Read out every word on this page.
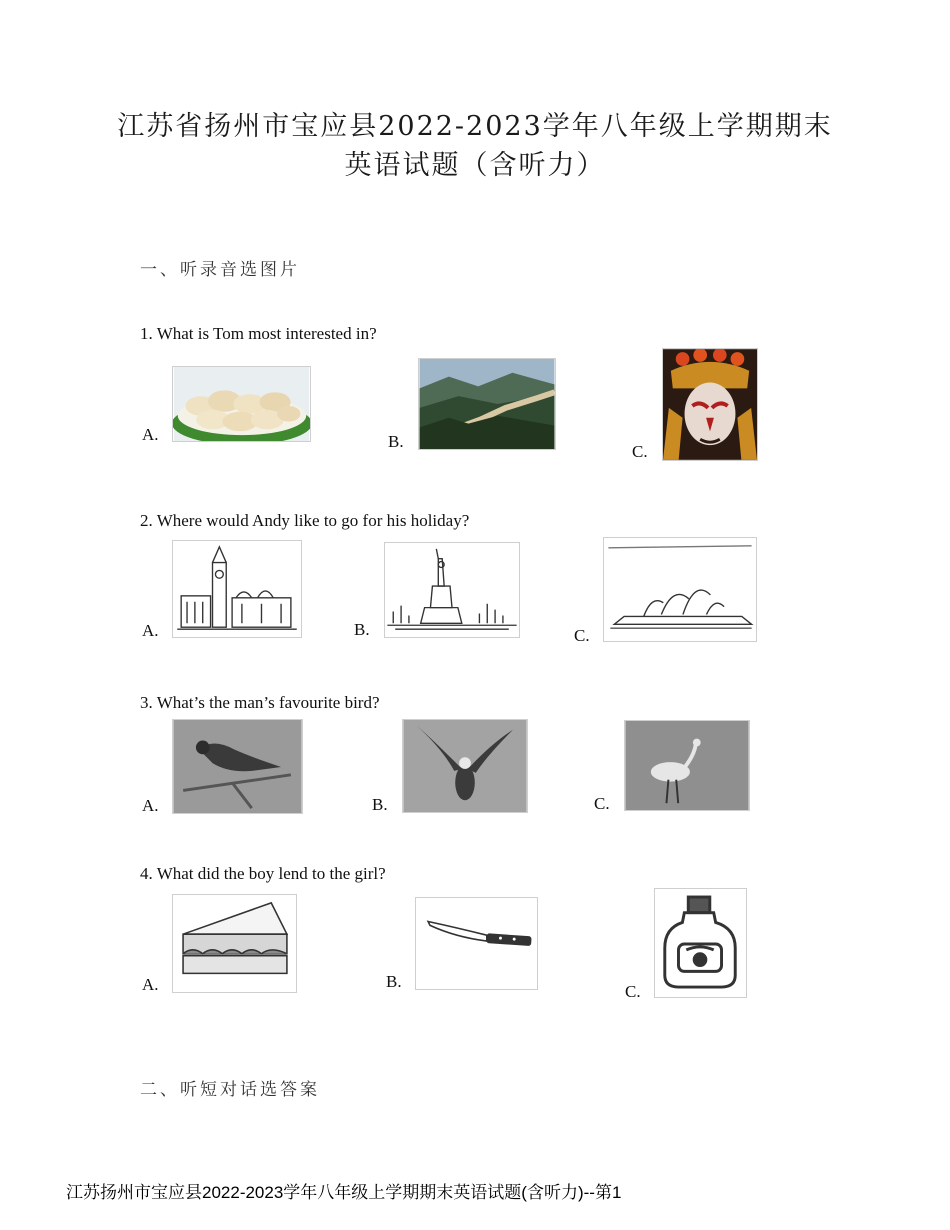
江苏省扬州市宝应县2022-2023学年八年级上学期期末
英语试题（含听力）
一、听录音选图片
1. What is Tom most interested in?
A.	B.
C.
2. Where would Andy like to go for his holiday?
A.	B.	C.
3. What’s the man’s favourite bird?
A.	B.	C.
4. What did the boy lend to the girl?
A.	B.
C.
二、听短对话选答案
江苏扬州市宝应县2022-2023学年八年级上学期期末英语试题(含听力)--第1
